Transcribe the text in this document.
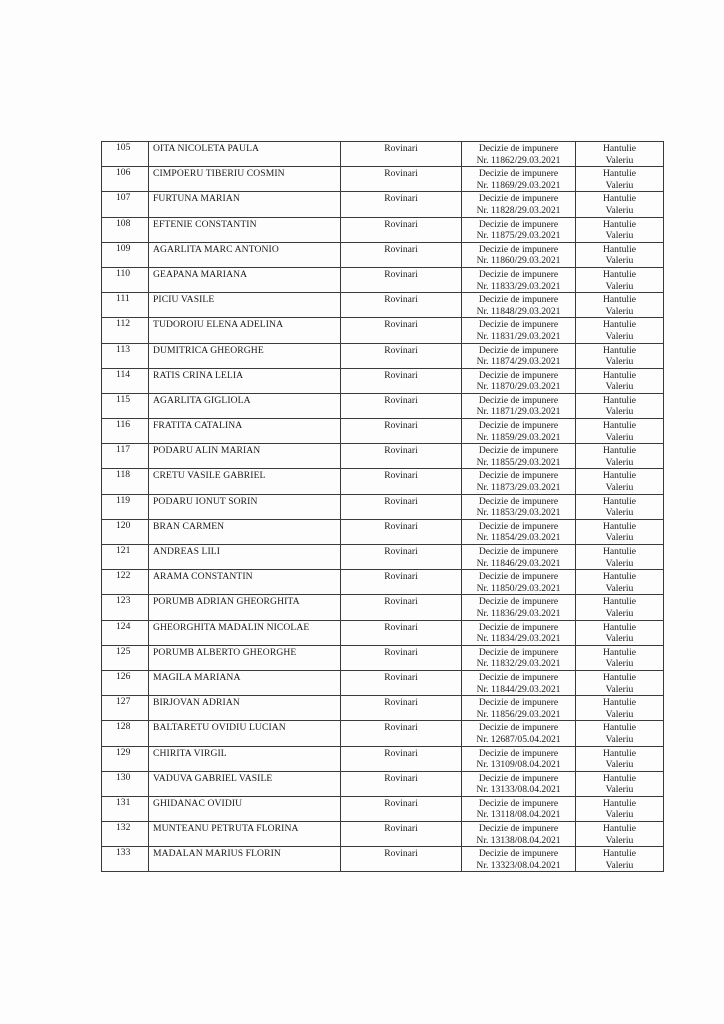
105	OITA NICOLETA PAULA	Rovinari	Decizie de impunere
Nr. 11862/29.03.2021	Hantulie
Valeriu

106	CIMPOERU TIBERIU COSMIN	Rovinari	Decizie de impunere
Nr. 11869/29.03.2021	Hantulie
Valeriu

107	FURTUNA MARIAN	Rovinari	Decizie de impunere
Nr. 11828/29.03.2021	Hantulie
Valeriu

108	EFTENIE CONSTANTIN	Rovinari	Decizie de impunere
Nr. 11875/29.03.2021	Hantulie
Valeriu

109	AGARLITA MARC ANTONIO	Rovinari	Decizie de impunere
Nr. 11860/29.03.2021	Hantulie
Valeriu

110	GEAPANA MARIANA	Rovinari	Decizie de impunere
Nr. 11833/29.03.2021	Hantulie
Valeriu

111	PICIU VASILE	Rovinari	Decizie de impunere
Nr. 11848/29.03.2021	Hantulie
Valeriu

112	TUDOROIU ELENA ADELINA	Rovinari	Decizie de impunere
Nr. 11831/29.03.2021	Hantulie
Valeriu

113	DUMITRICA GHEORGHE	Rovinari	Decizie de impunere
Nr. 11874/29.03.2021	Hantulie
Valeriu

114	RATIS CRINA LELIA	Rovinari	Decizie de impunere
Nr. 11870/29.03.2021	Hantulie
Valeriu

115	AGARLITA GIGLIOLA	Rovinari	Decizie de impunere
Nr. 11871/29.03.2021	Hantulie
Valeriu

116	FRATITA CATALINA	Rovinari	Decizie de impunere
Nr. 11859/29.03.2021	Hantulie
Valeriu

117	PODARU ALIN MARIAN	Rovinari	Decizie de impunere
Nr. 11855/29.03.2021	Hantulie
Valeriu

118	CRETU VASILE GABRIEL	Rovinari	Decizie de impunere
Nr. 11873/29.03.2021	Hantulie
Valeriu

119	PODARU IONUT SORIN	Rovinari	Decizie de impunere
Nr. 11853/29.03.2021	Hantulie
Valeriu

120	BRAN CARMEN	Rovinari	Decizie de impunere
Nr. 11854/29.03.2021	Hantulie
Valeriu

121	ANDREAS LILI	Rovinari	Decizie de impunere
Nr. 11846/29.03.2021	Hantulie
Valeriu

122	ARAMA CONSTANTIN	Rovinari	Decizie de impunere
Nr. 11850/29.03.2021	Hantulie
Valeriu

123	PORUMB ADRIAN GHEORGHITA	Rovinari	Decizie de impunere
Nr. 11836/29.03.2021	Hantulie
Valeriu

124	GHEORGHITA MADALIN NICOLAE	Rovinari	Decizie de impunere
Nr. 11834/29.03.2021	Hantulie
Valeriu

125	PORUMB ALBERTO GHEORGHE	Rovinari	Decizie de impunere
Nr. 11832/29.03.2021	Hantulie
Valeriu

126	MAGILA MARIANA	Rovinari	Decizie de impunere
Nr. 11844/29.03.2021	Hantulie
Valeriu

127	BIRJOVAN ADRIAN	Rovinari	Decizie de impunere
Nr. 11856/29.03.2021	Hantulie
Valeriu

128	BALTARETU OVIDIU LUCIAN	Rovinari	Decizie de impunere
Nr. 12687/05.04.2021	Hantulie
Valeriu

129	CHIRITA VIRGIL	Rovinari	Decizie de impunere
Nr. 13109/08.04.2021	Hantulie
Valeriu

130	VADUVA GABRIEL VASILE	Rovinari	Decizie de impunere
Nr. 13133/08.04.2021	Hantulie
Valeriu

131	GHIDANAC OVIDIU	Rovinari	Decizie de impunere
Nr. 13118/08.04.2021	Hantulie
Valeriu

132	MUNTEANU PETRUTA FLORINA	Rovinari	Decizie de impunere
Nr. 13138/08.04.2021	Hantulie
Valeriu

133	MADALAN MARIUS FLORIN	Rovinari	Decizie de impunere
Nr. 13323/08.04.2021	Hantulie
Valeriu
